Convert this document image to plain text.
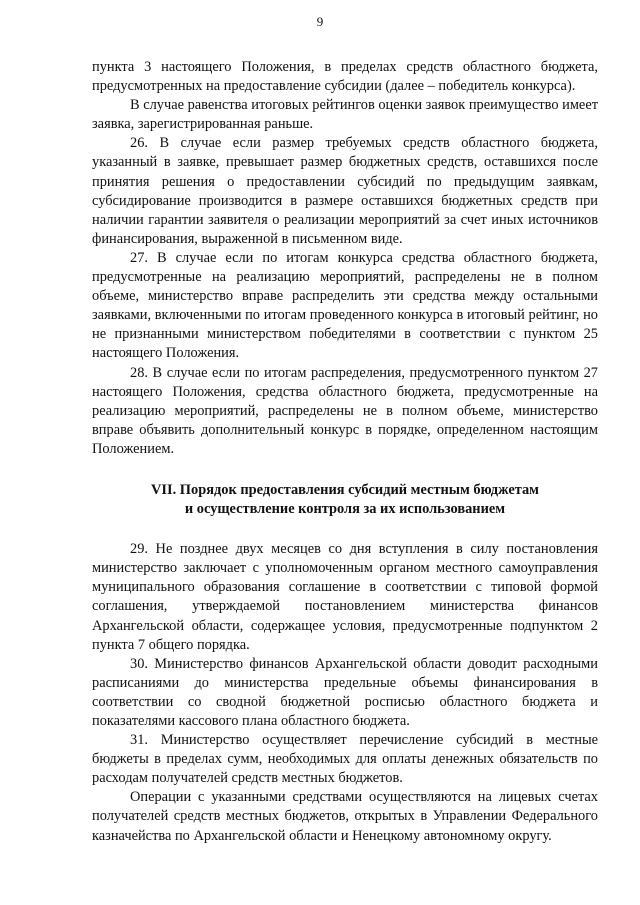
9

пункта 3 настоящего Положения, в пределах средств областного бюджета, предусмотренных на предоставление субсидии (далее – победитель конкурса).

В случае равенства итоговых рейтингов оценки заявок преимущество имеет заявка, зарегистрированная раньше.

26. В случае если размер требуемых средств областного бюджета, указанный в заявке, превышает размер бюджетных средств, оставшихся после принятия решения о предоставлении субсидий по предыдущим заявкам, субсидирование производится в размере оставшихся бюджетных средств при наличии гарантии заявителя о реализации мероприятий за счет иных источников финансирования, выраженной в письменном виде.

27. В случае если по итогам конкурса средства областного бюджета, предусмотренные на реализацию мероприятий, распределены не в полном объеме, министерство вправе распределить эти средства между остальными заявками, включенными по итогам проведенного конкурса в итоговый рейтинг, но не признанными министерством победителями в соответствии с пунктом 25 настоящего Положения.

28. В случае если по итогам распределения, предусмотренного пунктом 27 настоящего Положения, средства областного бюджета, предусмотренные на реализацию мероприятий, распределены не в полном объеме, министерство вправе объявить дополнительный конкурс в порядке, определенном настоящим Положением.

VII. Порядок предоставления субсидий местным бюджетам
и осуществление контроля за их использованием

29. Не позднее двух месяцев со дня вступления в силу постановления министерство заключает с уполномоченным органом местного самоуправления муниципального образования соглашение в соответствии с типовой формой соглашения, утверждаемой постановлением министерства финансов Архангельской области, содержащее условия, предусмотренные подпунктом 2 пункта 7 общего порядка.

30. Министерство финансов Архангельской области доводит расходными расписаниями до министерства предельные объемы финансирования в соответствии со сводной бюджетной росписью областного бюджета и показателями кассового плана областного бюджета.

31. Министерство осуществляет перечисление субсидий в местные бюджеты в пределах сумм, необходимых для оплаты денежных обязательств по расходам получателей средств местных бюджетов.

Операции с указанными средствами осуществляются на лицевых счетах получателей средств местных бюджетов, открытых в Управлении Федерального казначейства по Архангельской области и Ненецкому автономному округу.
